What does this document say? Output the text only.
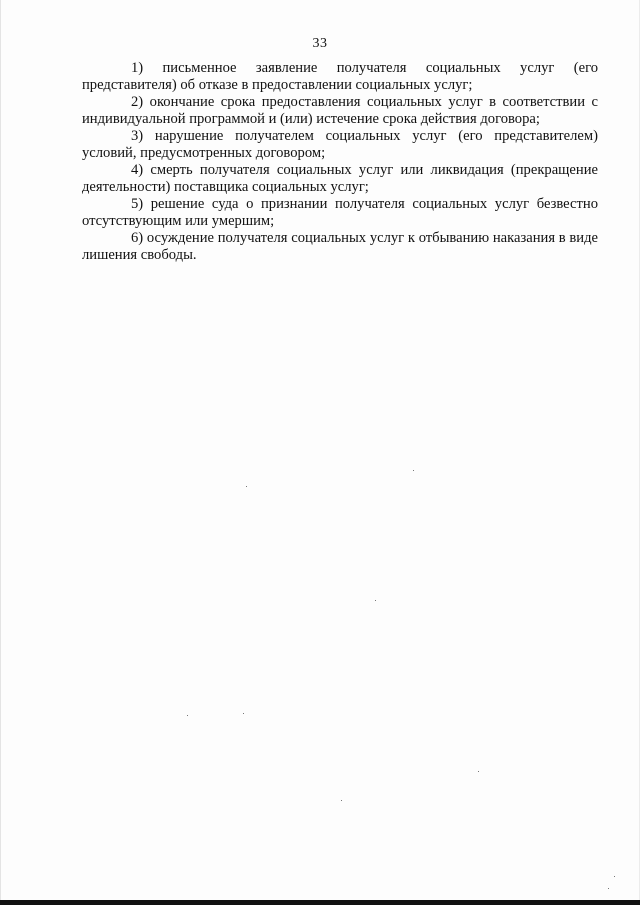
33

1) письменное заявление получателя социальных услуг (его представителя) об отказе в предоставлении социальных услуг;

2) окончание срока предоставления социальных услуг в соответствии с индивидуальной программой и (или) истечение срока действия договора;

3) нарушение получателем социальных услуг (его представителем) условий, предусмотренных договором;

4) смерть получателя социальных услуг или ликвидация (прекращение деятельности) поставщика социальных услуг;

5) решение суда о признании получателя социальных услуг безвестно отсутствующим или умершим;

6) осуждение получателя социальных услуг к отбыванию наказания в виде лишения свободы.
